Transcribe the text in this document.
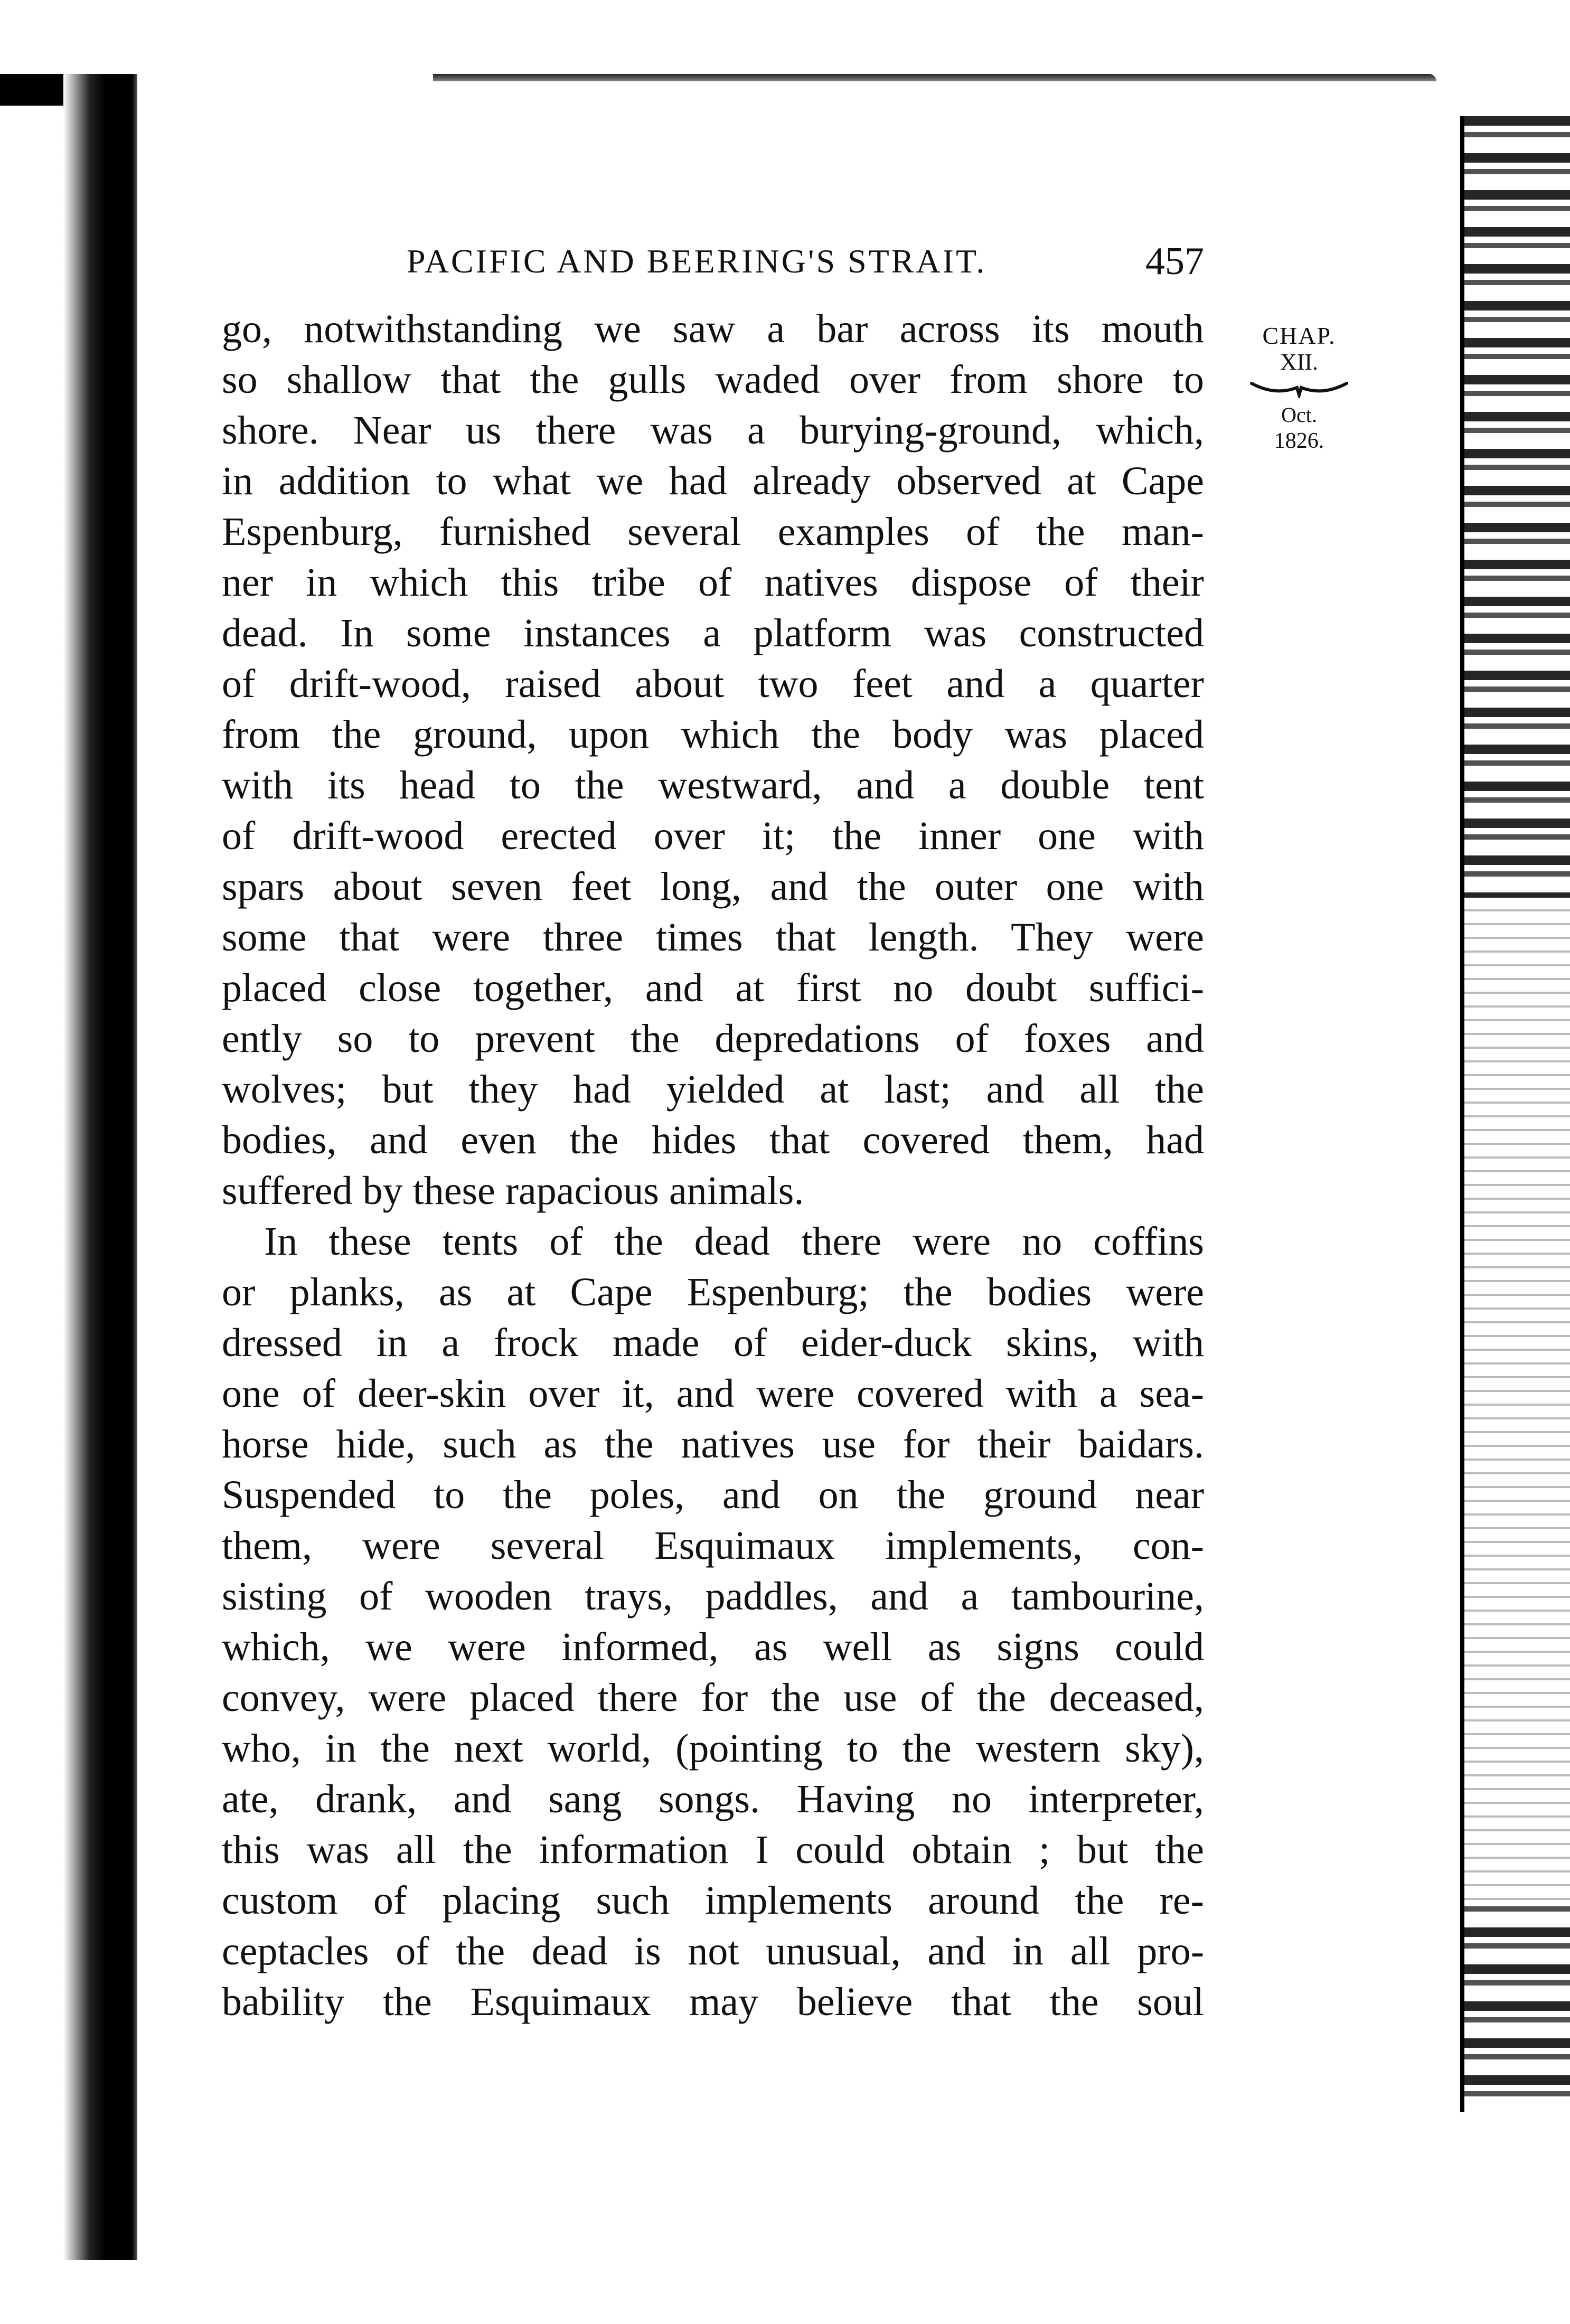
PACIFIC AND BEERING'S STRAIT.	457
CHAP.
XII.
Oct.
1826.

go, notwithstanding we saw a bar across its mouth
so shallow that the gulls waded over from shore to
shore. Near us there was a burying-ground, which,
in addition to what we had already observed at Cape
Espenburg, furnished several examples of the man-
ner in which this tribe of natives dispose of their
dead. In some instances a platform was constructed
of drift-wood, raised about two feet and a quarter
from the ground, upon which the body was placed
with its head to the westward, and a double tent
of drift-wood erected over it; the inner one with
spars about seven feet long, and the outer one with
some that were three times that length. They were
placed close together, and at first no doubt suffici-
ently so to prevent the depredations of foxes and
wolves; but they had yielded at last; and all the
bodies, and even the hides that covered them, had
suffered by these rapacious animals.

In these tents of the dead there were no coffins
or planks, as at Cape Espenburg; the bodies were
dressed in a frock made of eider-duck skins, with
one of deer-skin over it, and were covered with a sea-
horse hide, such as the natives use for their baidars.
Suspended to the poles, and on the ground near
them, were several Esquimaux implements, con-
sisting of wooden trays, paddles, and a tambourine,
which, we were informed, as well as signs could
convey, were placed there for the use of the deceased,
who, in the next world, (pointing to the western sky),
ate, drank, and sang songs. Having no interpreter,
this was all the information I could obtain ; but the
custom of placing such implements around the re-
ceptacles of the dead is not unusual, and in all pro-
bability the Esquimaux may believe that the soul
